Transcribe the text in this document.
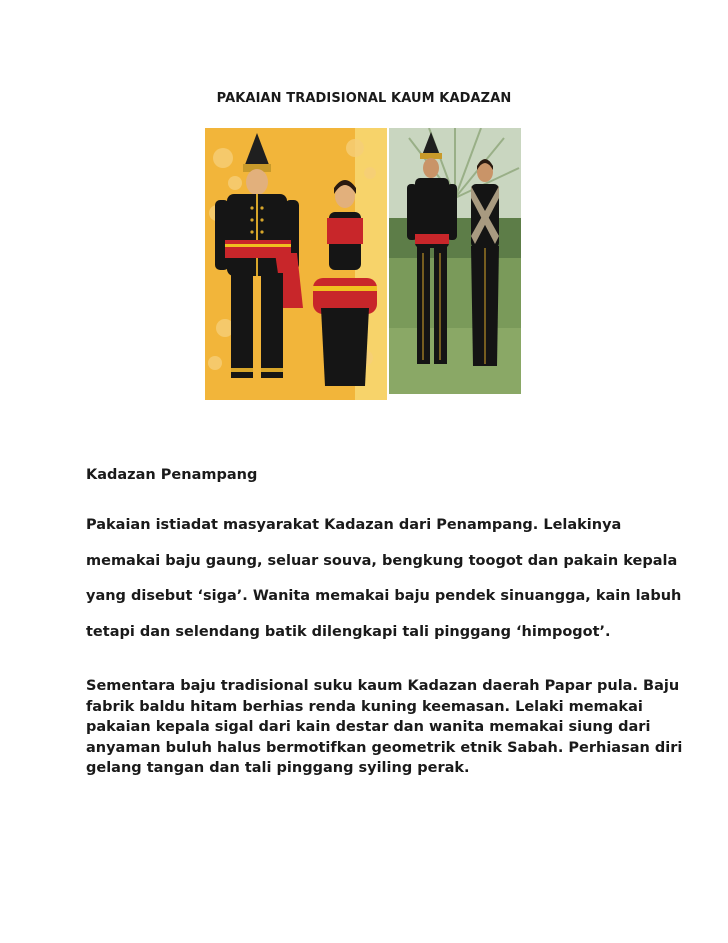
PAKAIAN TRADISIONAL KAUM KADAZAN
Kadazan Penampang
Pakaian istiadat masyarakat Kadazan dari Penampang. Lelakinya memakai baju gaung, seluar souva, bengkung toogot dan pakain kepala yang disebut ‘siga’. Wanita memakai baju pendek sinuangga, kain labuh tetapi dan selendang batik dilengkapi tali pinggang ‘himpogot’.
Sementara baju tradisional suku kaum Kadazan daerah Papar pula. Baju fabrik baldu hitam berhias renda kuning keemasan. Lelaki memakai pakaian kepala sigal dari kain destar dan wanita memakai siung dari anyaman buluh halus bermotifkan geometrik etnik Sabah. Perhiasan diri gelang tangan dan tali pinggang syiling perak.
